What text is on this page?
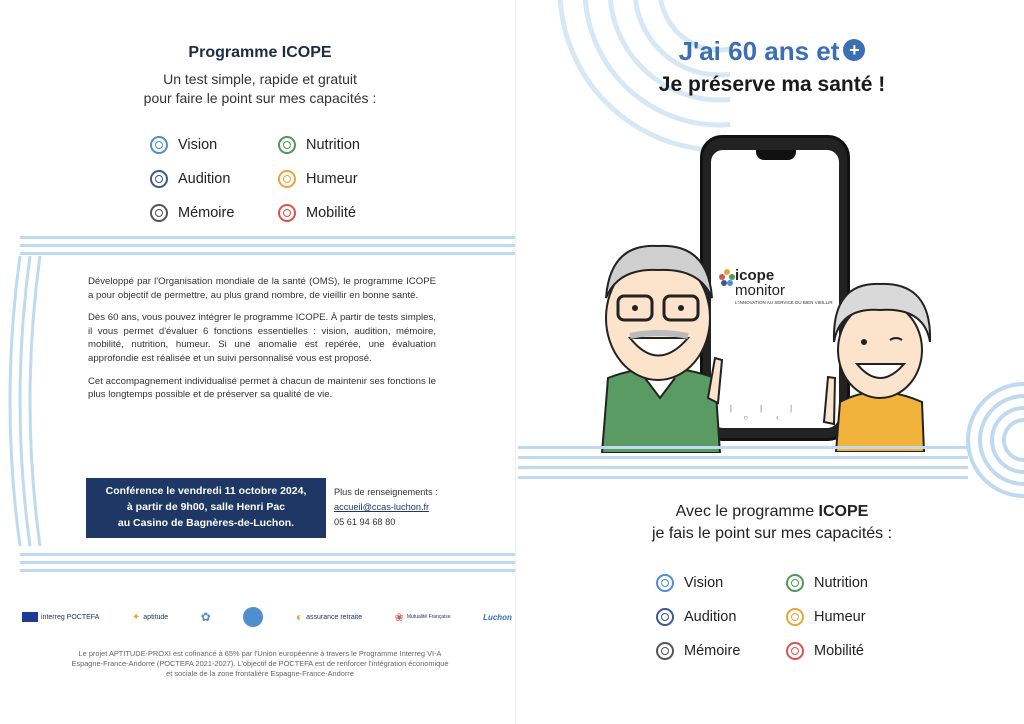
Programme ICOPE
Un test simple, rapide et gratuit
pour faire le point sur mes capacités :
Vision	Nutrition
Audition	Humeur
Mémoire	Mobilité

Développé par l'Organisation mondiale de la santé (OMS), le programme ICOPE a pour objectif de permettre, au plus grand nombre, de vieillir en bonne santé.

Dès 60 ans, vous pouvez intégrer le programme ICOPE. À partir de tests simples, il vous permet d'évaluer 6 fonctions essentielles : vision, audition, mémoire, mobilité, nutrition, humeur. Si une anomalie est repérée, une évaluation approfondie est réalisée et un suivi personnalisé vous est proposé.

Cet accompagnement individualisé permet à chacun de maintenir ses fonctions le plus longtemps possible et de préserver sa qualité de vie.

Conférence le vendredi 11 octobre 2024,
à partir de 9h00, salle Henri Pac
au Casino de Bagnères-de-Luchon.
Plus de renseignements :
accueil@ccas-luchon.fr
05 61 94 68 80
interreg POCTEFA	✦ aptitude	✿	◐ assurance retraite	❀ Mutualité Française	Luchon
Le projet APTITUDE-PROXI est cofinancé à 65% par l'Union européenne à travers le Programme Interreg VI-A
Espagne-France-Andorre (POCTEFA 2021-2027). L'objectif de POCTEFA est de renforcer l'intégration économique
et sociale de la zone frontalière Espagne-France-Andorre
J'ai 60 ans et +
Je préserve ma santé !
icope
monitor
L'INNOVATION AU SERVICE DU BIEN VIEILLIR
|||○‹
Avec le programme ICOPE
je fais le point sur mes capacités :
Vision	Nutrition
Audition	Humeur
Mémoire	Mobilité
